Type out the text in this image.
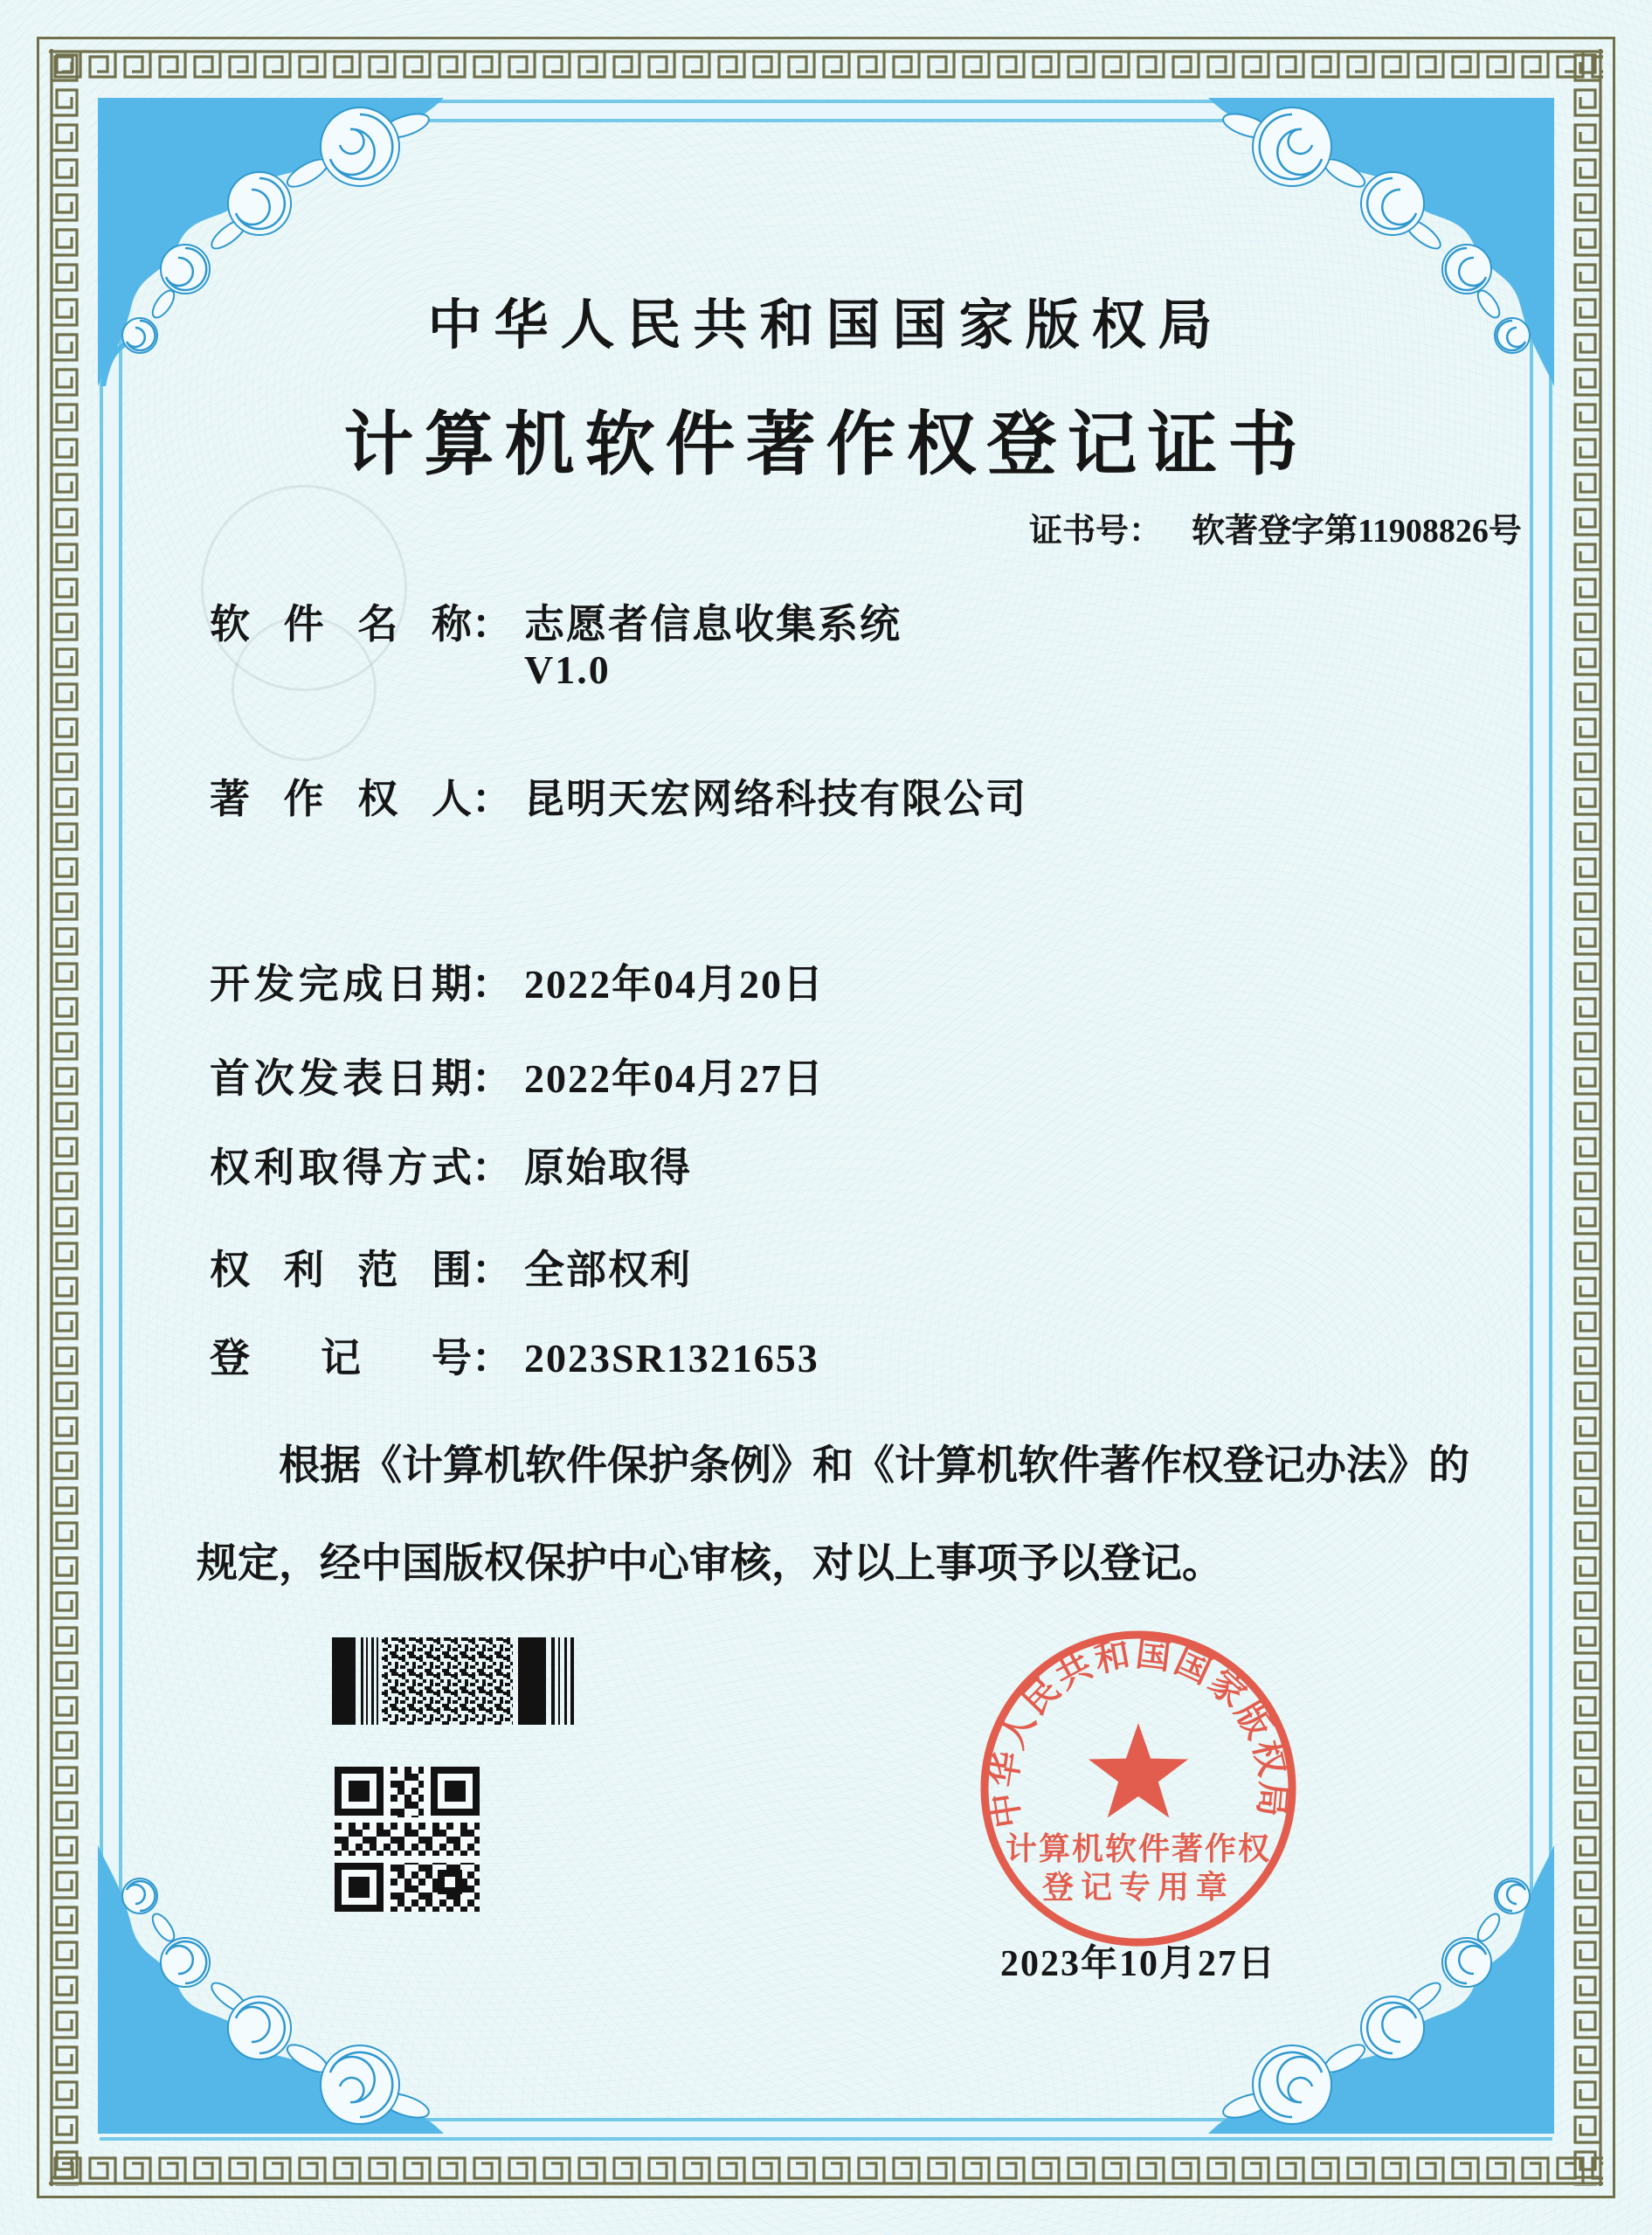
中华人民共和国国家版权局
计算机软件著作权登记证书
证书号： 软著登字第11908826号
软件名称： 志愿者信息收集系统
V1.0
著作权人： 昆明天宏网络科技有限公司
开发完成日期： 2022年04月20日
首次发表日期： 2022年04月27日
权利取得方式： 原始取得
权利范围： 全部权利
登记号： 2023SR1321653
根据《计算机软件保护条例》和《计算机软件著作权登记办法》的
规定，经中国版权保护中心审核，对以上事项予以登记。
中华人民共和国国家版权局
计算机软件著作权
登记专用章
2023年10月27日
